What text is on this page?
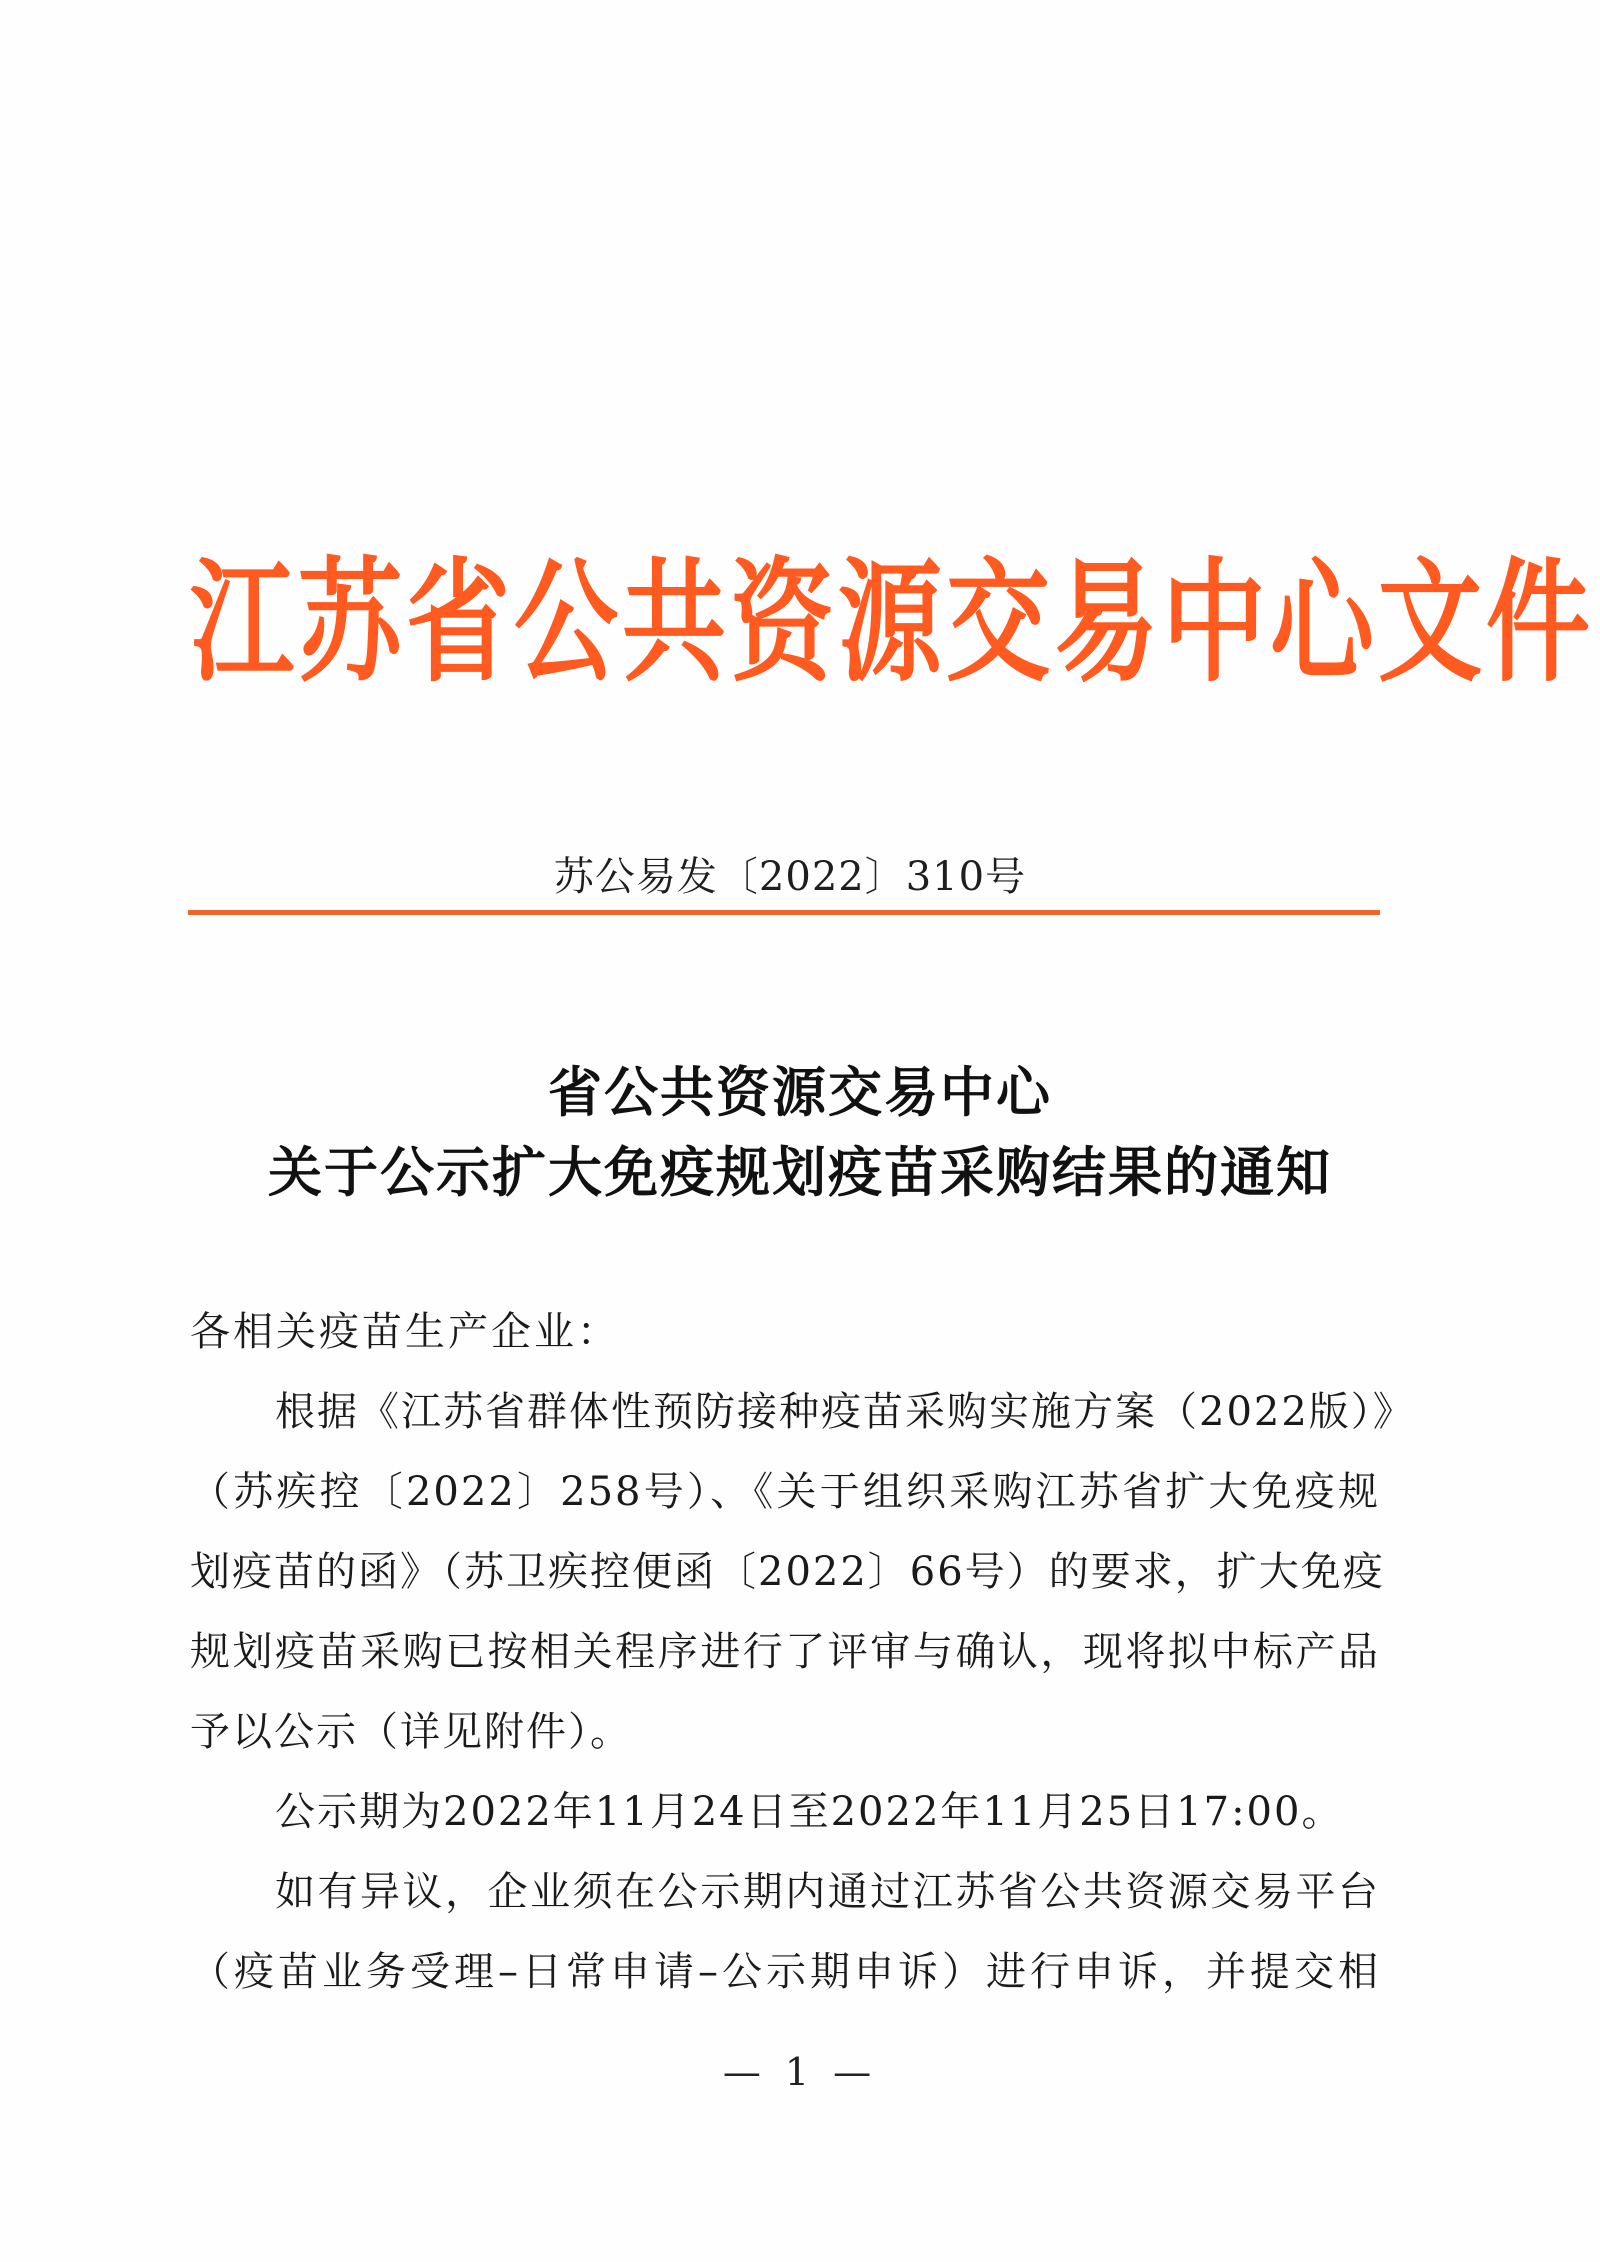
江苏省公共资源交易中心文件
苏公易发〔2022〕310号
省公共资源交易中心
关于公示扩大免疫规划疫苗采购结果的通知
各相关疫苗生产企业：
根据《江苏省群体性预防接种疫苗采购实施方案（2022版）》
（苏疾控〔2022〕258号）、《关于组织采购江苏省扩大免疫规
划疫苗的函》（苏卫疾控便函〔2022〕66号）的要求，扩大免疫
规划疫苗采购已按相关程序进行了评审与确认，现将拟中标产品
予以公示（详见附件）。
公示期为2022年11月24日至2022年11月25日17:00。
如有异议，企业须在公示期内通过江苏省公共资源交易平台
（疫苗业务受理–日常申请–公示期申诉）进行申诉，并提交相
— 1 —
